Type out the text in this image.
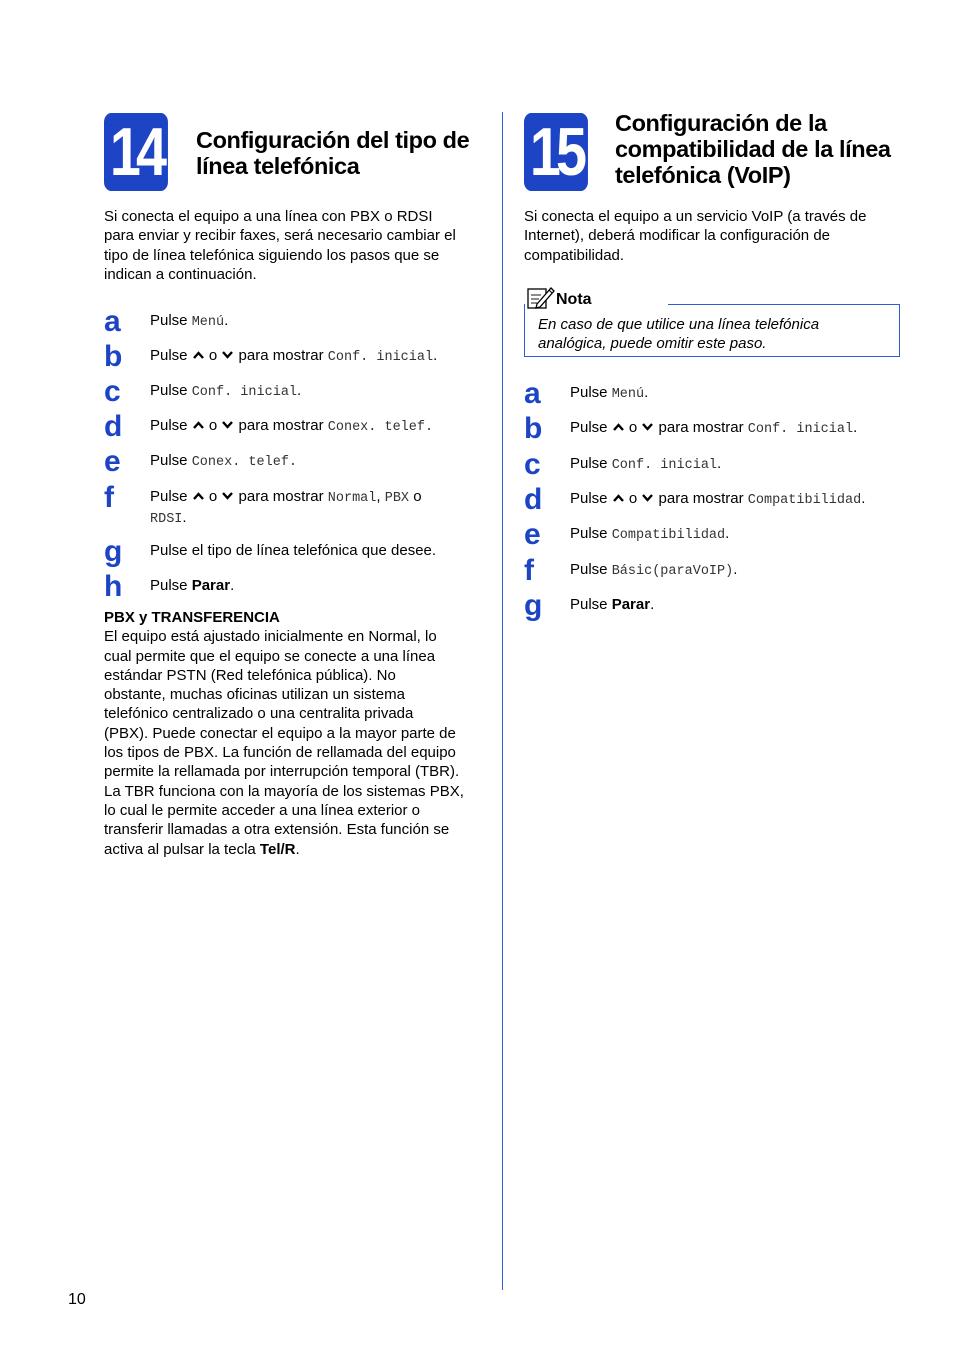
14 Configuración del tipo de
línea telefónica
Si conecta el equipo a una línea con PBX o RDSI
para enviar y recibir faxes, será necesario cambiar el
tipo de línea telefónica siguiendo los pasos que se
indican a continuación.
a Pulse Menú.
b Pulse
o
para mostrar Conf. inicial.
c Pulse Conf. inicial.
d Pulse
o
para mostrar Conex. telef.
e Pulse Conex. telef.
f Pulse
o
para mostrar Normal, PBX o
RDSI.
g Pulse el tipo de línea telefónica que desee.
h Pulse Parar.
PBX y TRANSFERENCIA
El equipo está ajustado inicialmente en Normal, lo
cual permite que el equipo se conecte a una línea
estándar PSTN (Red telefónica pública). No
obstante, muchas oficinas utilizan un sistema
telefónico centralizado o una centralita privada
(PBX). Puede conectar el equipo a la mayor parte de
los tipos de PBX. La función de rellamada del equipo
permite la rellamada por interrupción temporal (TBR).
La TBR funciona con la mayoría de los sistemas PBX,
lo cual le permite acceder a una línea exterior o
transferir llamadas a otra extensión. Esta función se
activa al pulsar la tecla Tel/R.
15 Configuración de la
compatibilidad de la línea
telefónica (VoIP)
Si conecta el equipo a un servicio VoIP (a través de
Internet), deberá modificar la configuración de
compatibilidad.
Nota
En caso de que utilice una línea telefónica
analógica, puede omitir este paso.
a Pulse Menú.
b Pulse
o
para mostrar Conf. inicial.
c Pulse Conf. inicial.
d Pulse
o
para mostrar Compatibilidad.
e Pulse Compatibilidad.
f Pulse Básic(paraVoIP).
g Pulse Parar.
10
